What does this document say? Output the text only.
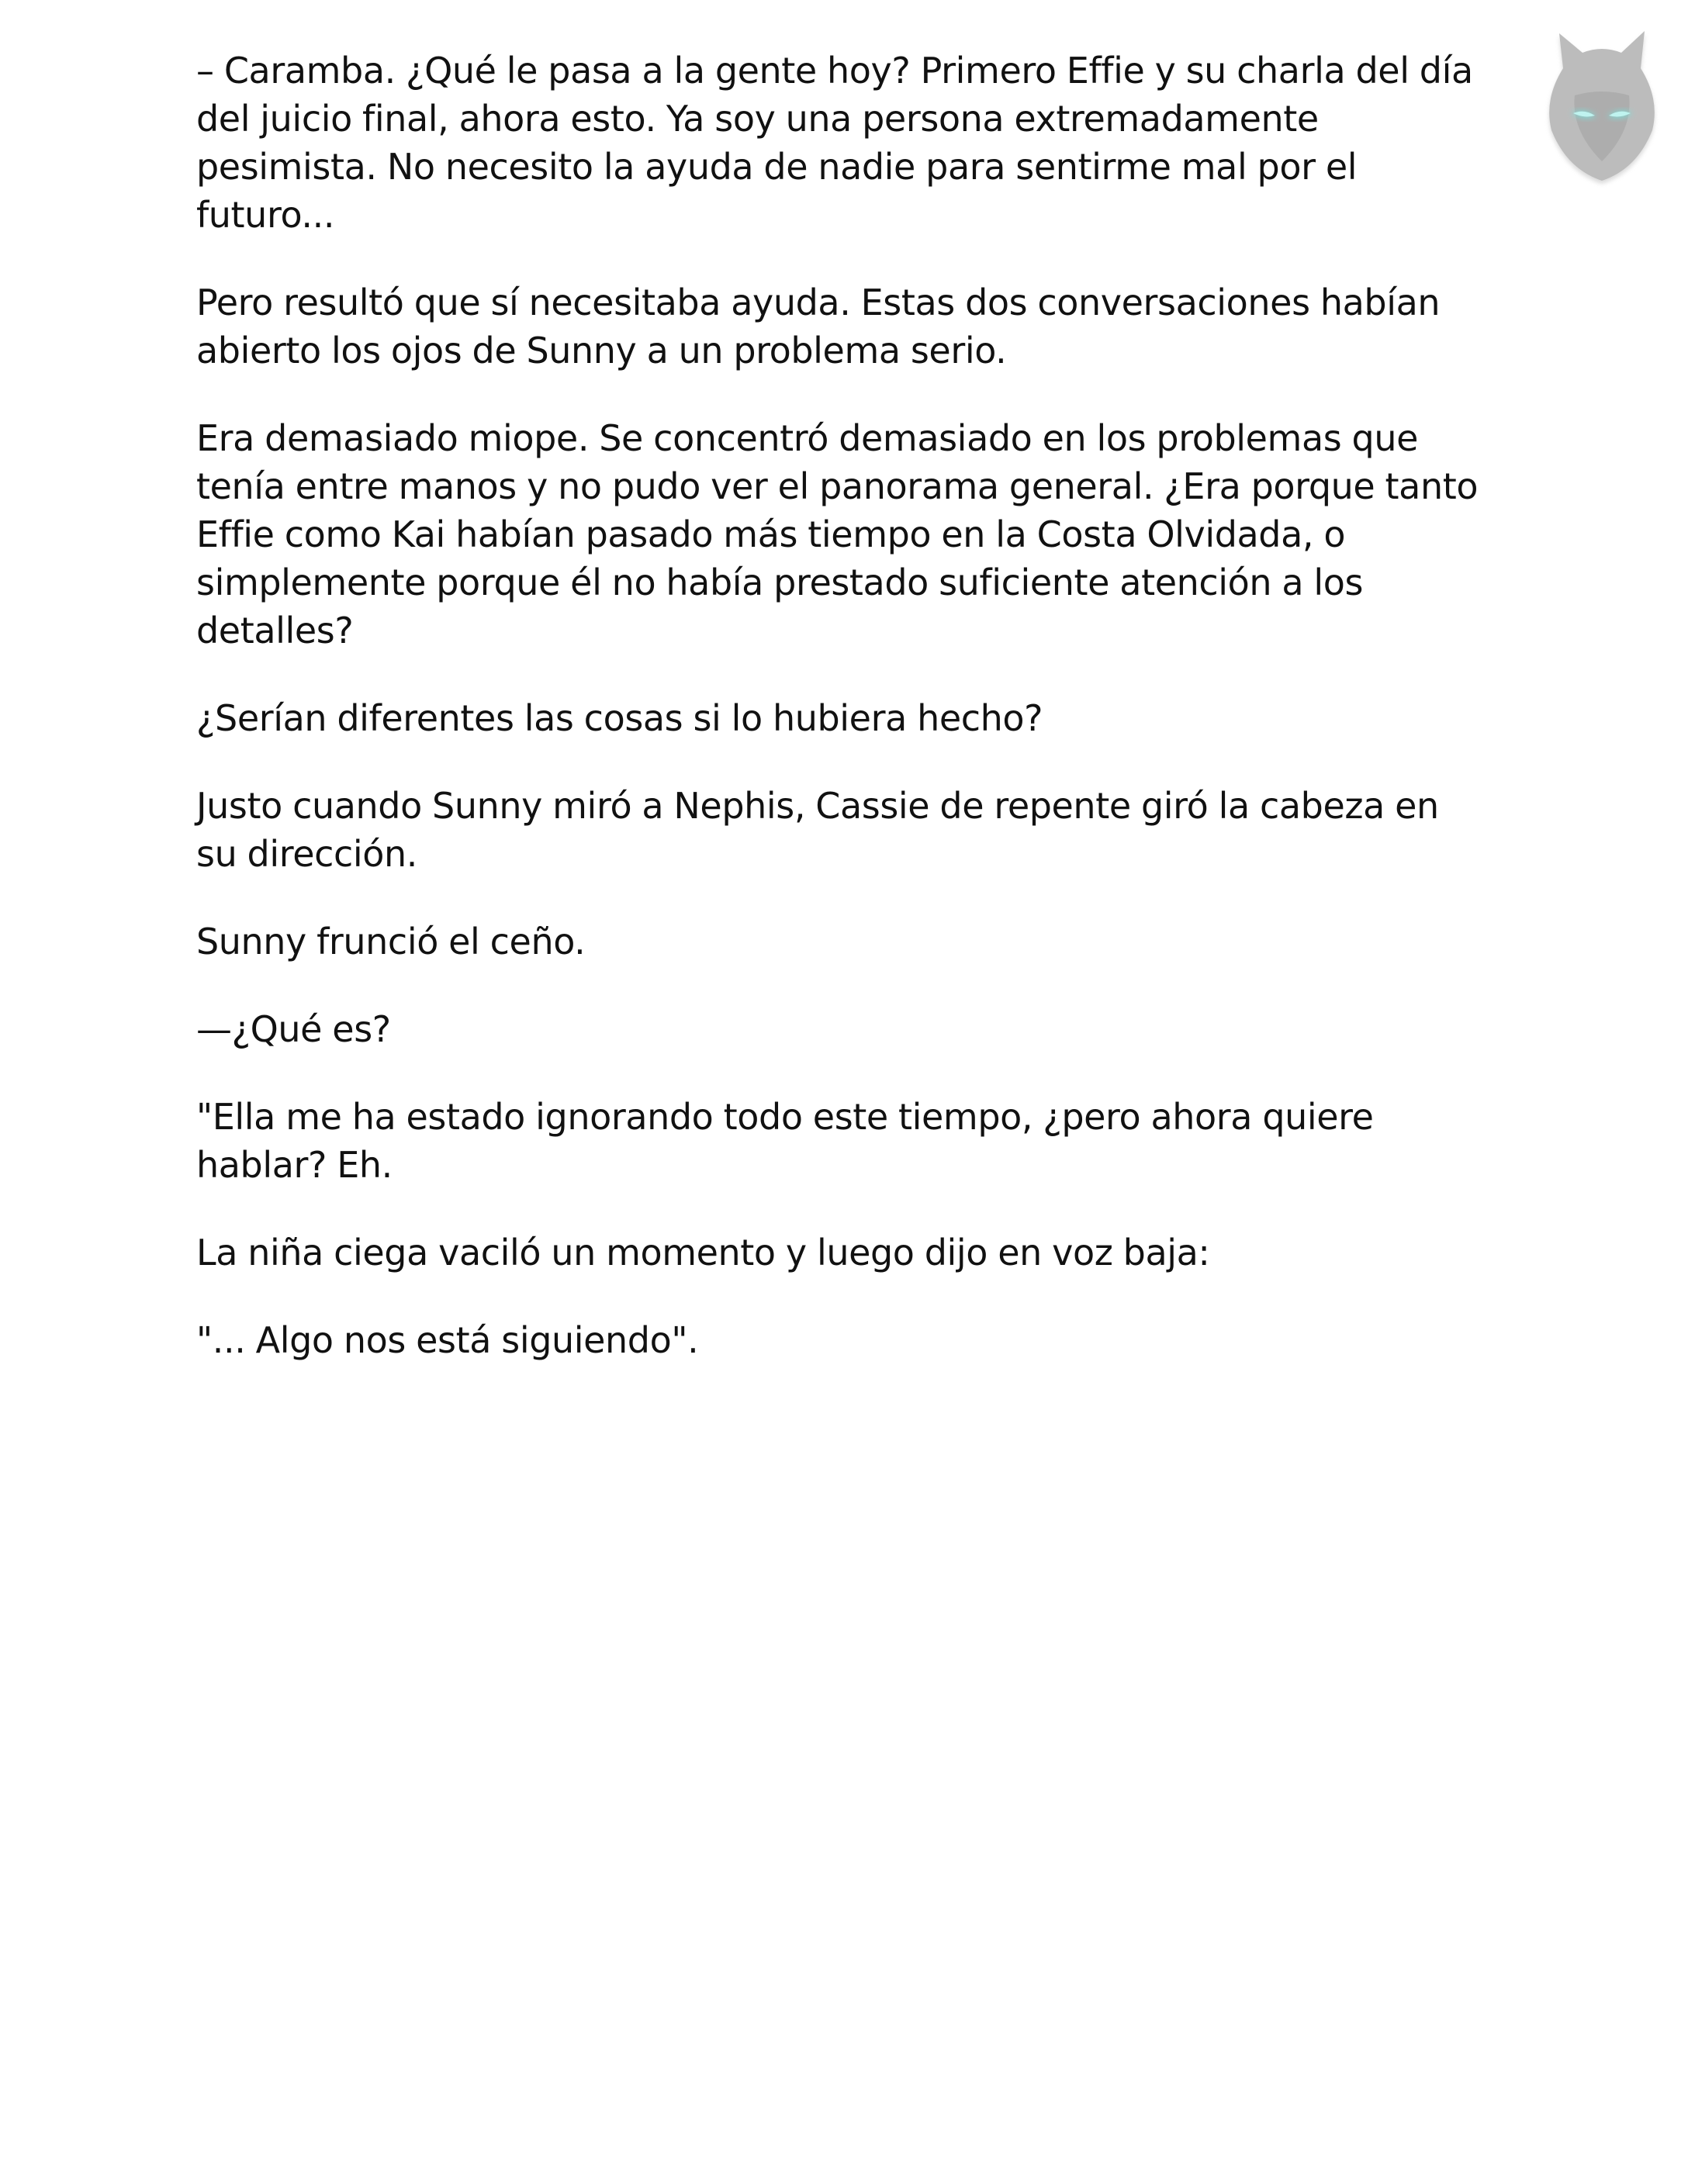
– Caramba. ¿Qué le pasa a la gente hoy? Primero Effie y su charla del día del juicio final, ahora esto. Ya soy una persona extremadamente pesimista. No necesito la ayuda de nadie para sentirme mal por el futuro...

Pero resultó que sí necesitaba ayuda. Estas dos conversaciones habían abierto los ojos de Sunny a un problema serio.

Era demasiado miope. Se concentró demasiado en los problemas que tenía entre manos y no pudo ver el panorama general. ¿Era porque tanto Effie como Kai habían pasado más tiempo en la Costa Olvidada, o simplemente porque él no había prestado suficiente atención a los detalles?

¿Serían diferentes las cosas si lo hubiera hecho?

Justo cuando Sunny miró a Nephis, Cassie de repente giró la cabeza en su dirección.

Sunny frunció el ceño.

—¿Qué es?

"Ella me ha estado ignorando todo este tiempo, ¿pero ahora quiere hablar? Eh.

La niña ciega vaciló un momento y luego dijo en voz baja:

"... Algo nos está siguiendo".
